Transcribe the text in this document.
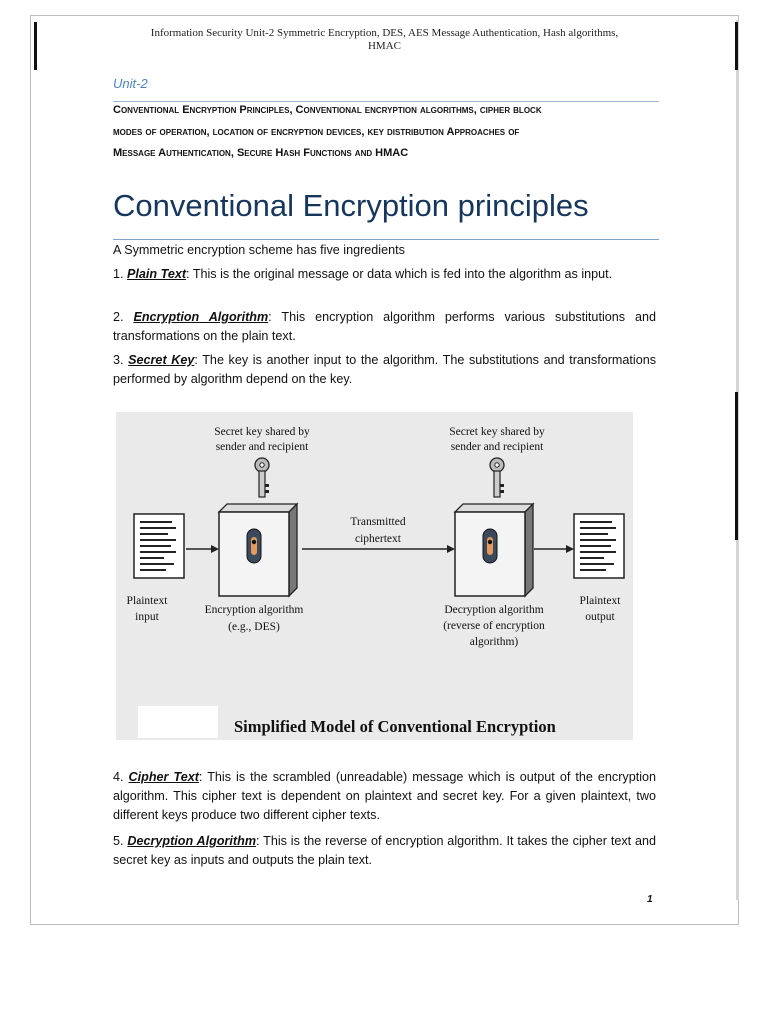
Information Security Unit-2 Symmetric Encryption, DES, AES Message Authentication, Hash algorithms,
HMAC
Unit-2
Conventional Encryption Principles, Conventional encryption algorithms, cipher block
modes of operation, location of encryption devices, key distribution Approaches of
Message Authentication, Secure Hash Functions and HMAC
Conventional Encryption principles
A Symmetric encryption scheme has five ingredients
1. Plain Text: This is the original message or data which is fed into the algorithm as input.
2. Encryption Algorithm: This encryption algorithm performs various substitutions and transformations on the plain text.
3. Secret Key: The key is another input to the algorithm. The substitutions and transformations performed by algorithm depend on the key.
Secret key shared by
sender and recipient
Secret key shared by
sender and recipient
Transmitted
ciphertext
Plaintext
input
Encryption algorithm
(e.g., DES)
Decryption algorithm
(reverse of encryption
algorithm)
Plaintext
output
Simplified Model of Conventional Encryption
4. Cipher Text: This is the scrambled (unreadable) message which is output of the encryption algorithm. This cipher text is dependent on plaintext and secret key. For a given plaintext, two different keys produce two different cipher texts.
5. Decryption Algorithm: This is the reverse of encryption algorithm. It takes the cipher text and secret key as inputs and outputs the plain text.
1
